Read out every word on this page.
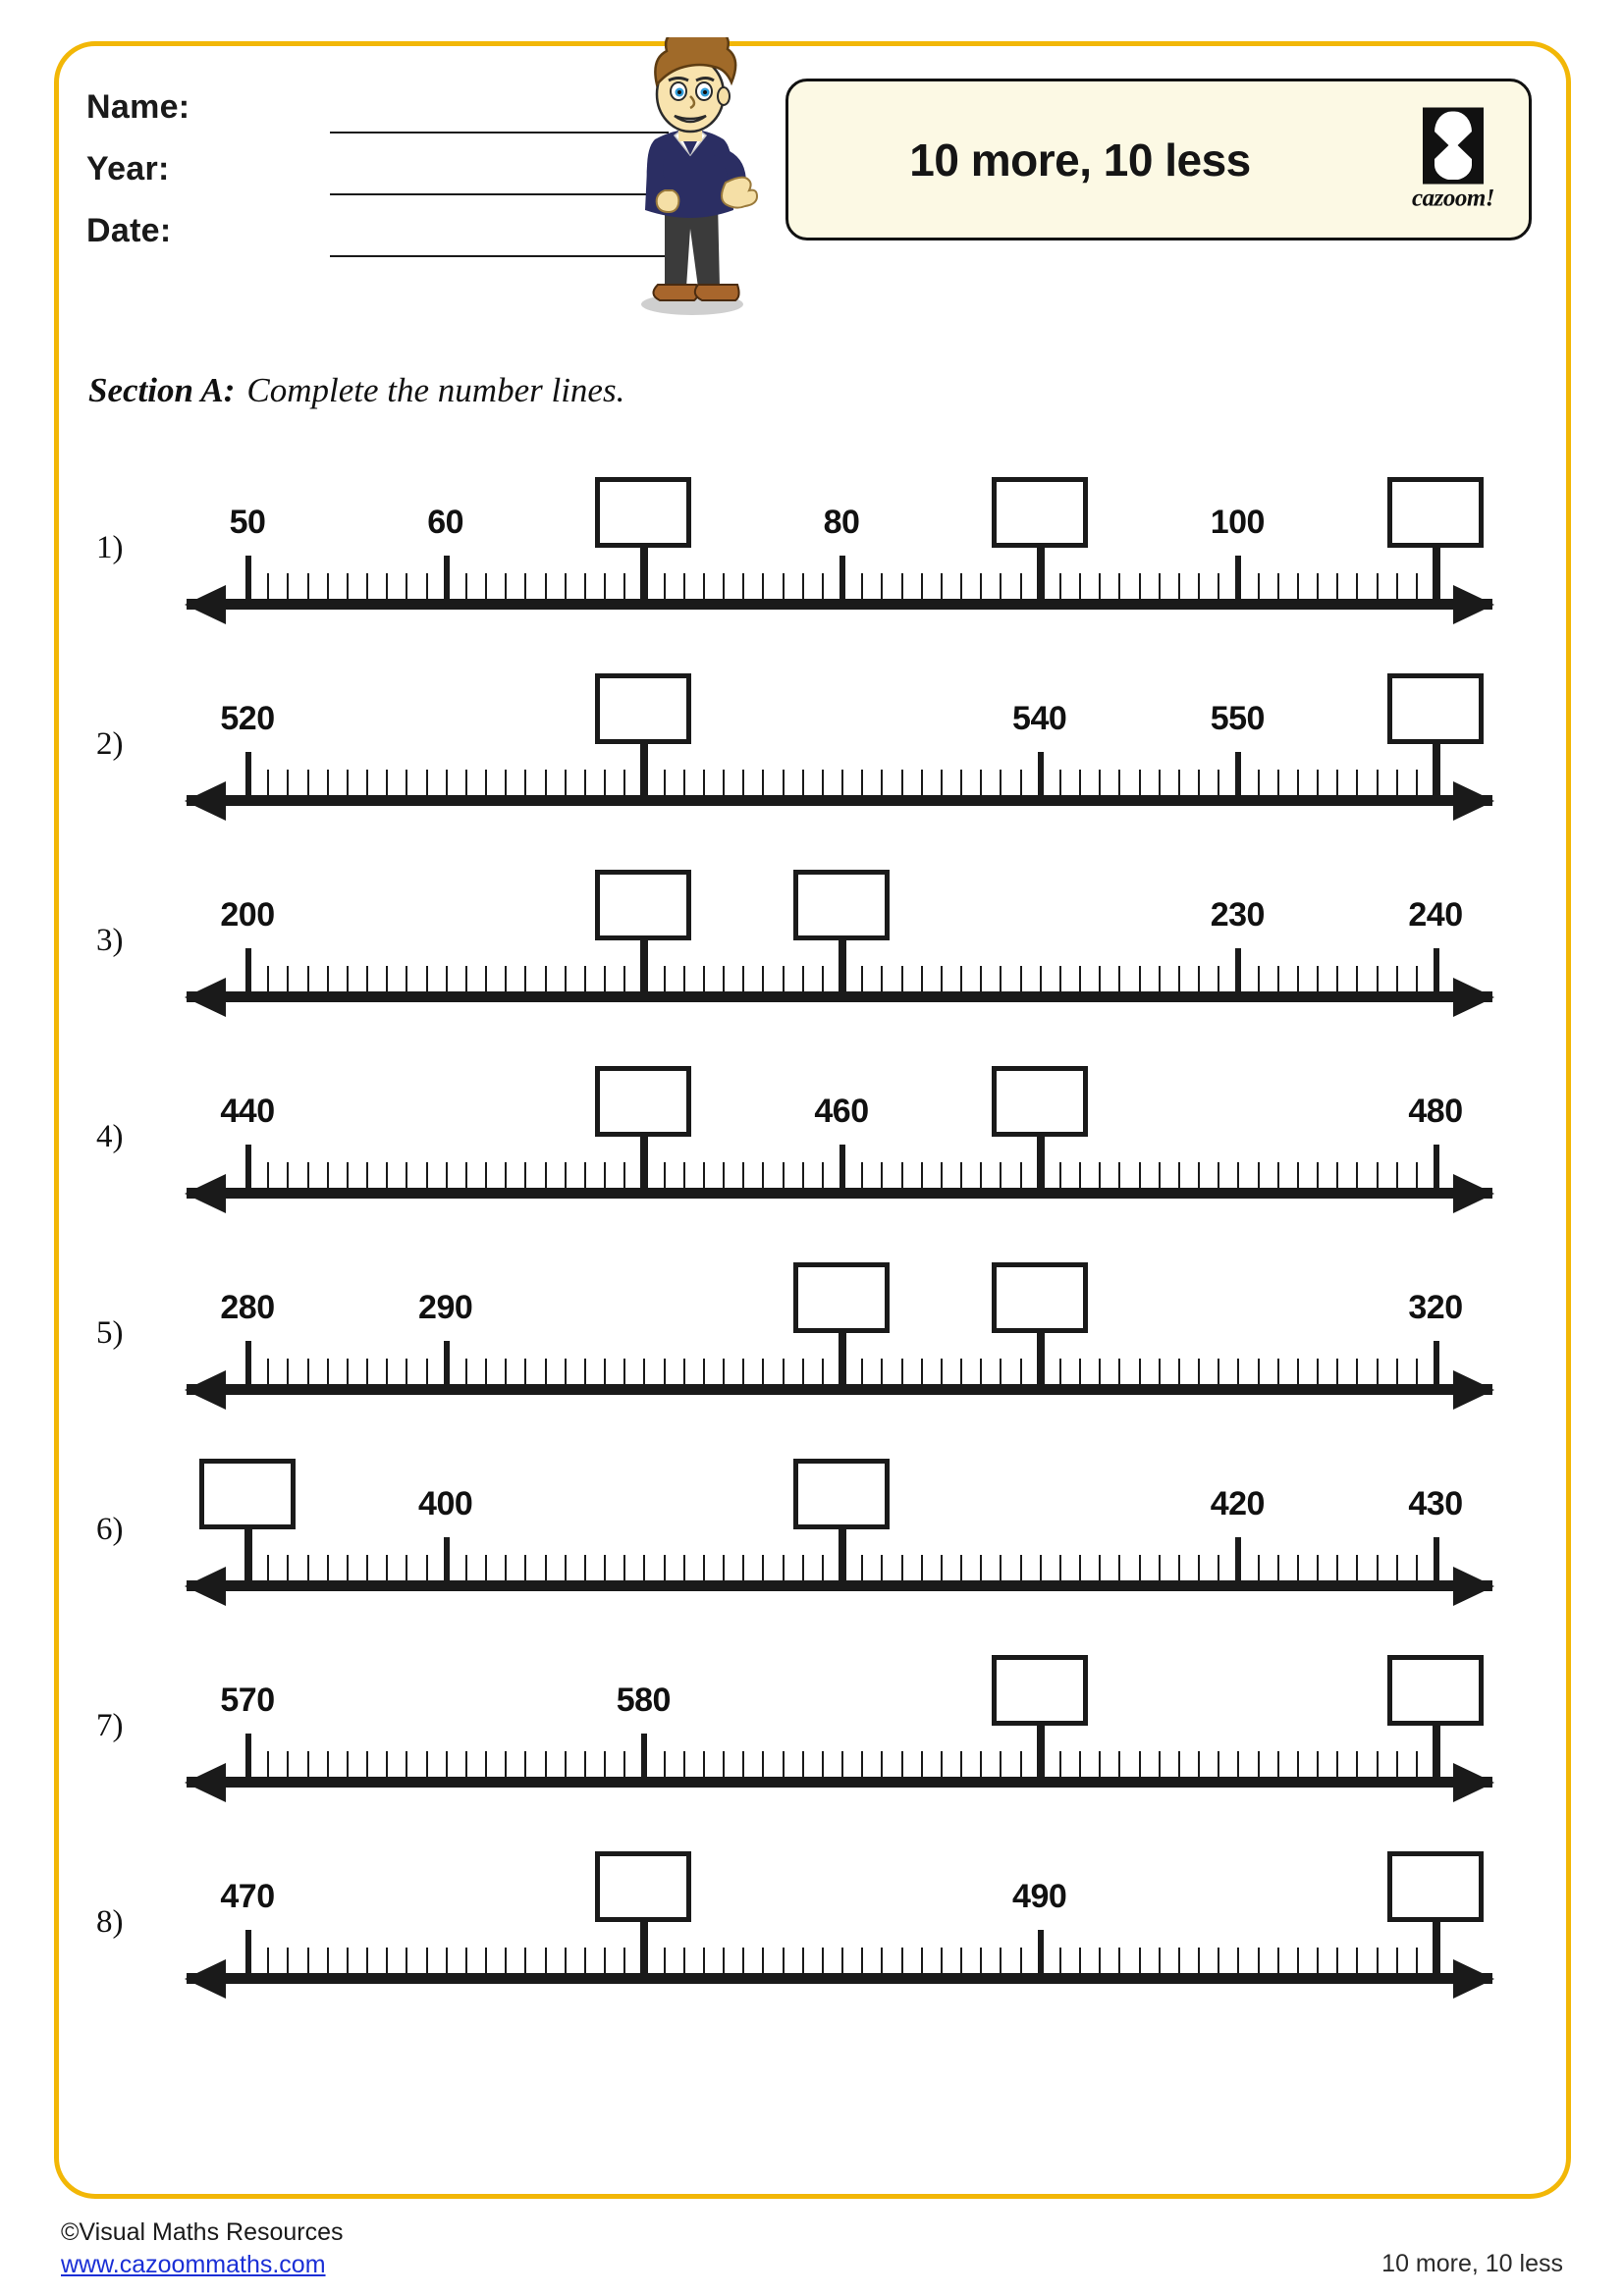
Name:
Year:
Date:
10 more, 10 less
cazoom!
Section A: Complete the number lines.
1)
50	60	80	100
2)
520	540	550
3)
200	230	240
4)
440	460	480
5)
280	290	320
6)
400	420	430
7)
570	580
8)
470	490
©Visual Maths Resources
www.cazoommaths.com	10 more, 10 less
